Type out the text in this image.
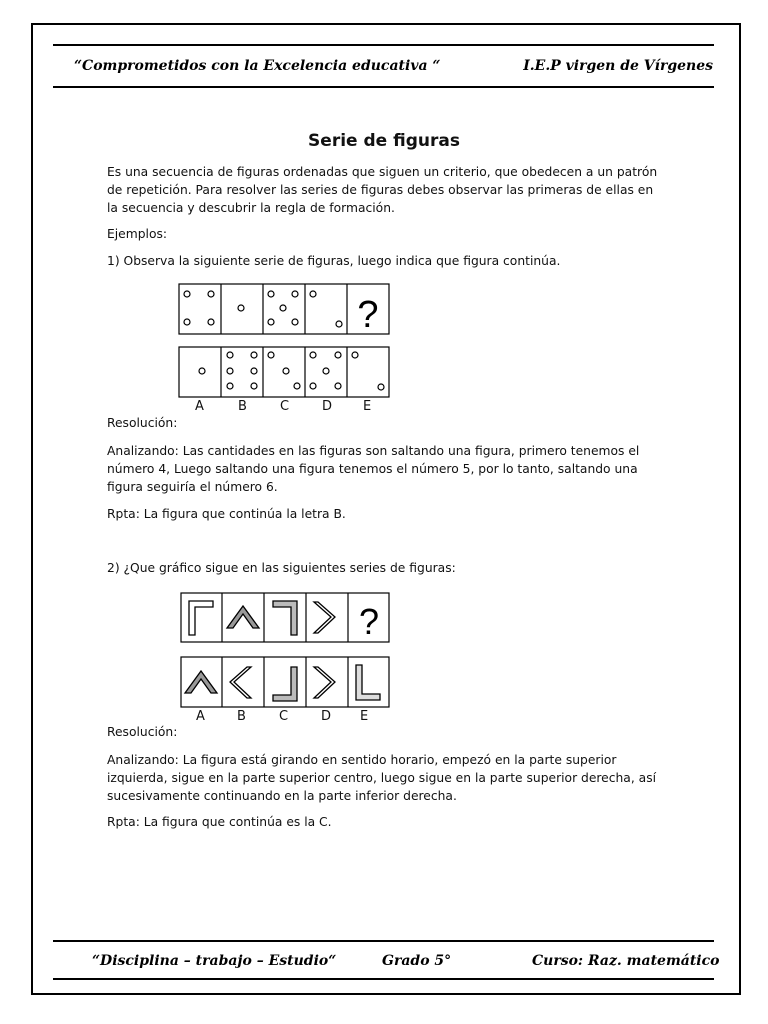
“Comprometidos con la Excelencia educativa “	I.E.P virgen de Vírgenes
Serie de figuras
Es una secuencia de figuras ordenadas que siguen un criterio, que obedecen a un patrón de repetición. Para resolver las series de figuras debes observar las primeras de ellas en la secuencia y descubrir la regla de formación.
Ejemplos:
1) Observa la siguiente serie de figuras, luego indica que figura continúa.
?
A	B	C	D E
Resolución:
Analizando: Las cantidades en las figuras son saltando una figura, primero tenemos el número 4, Luego saltando una figura tenemos el número 5, por lo tanto, saltando una figura seguiría el número 6.
Rpta: La figura que continúa la letra B.
2) ¿Que gráfico sigue en las siguientes series de figuras:
?
A B	C	D E
Resolución:
Analizando: La figura está girando en sentido horario, empezó en la parte superior izquierda, sigue en la parte superior centro, luego sigue en la parte superior derecha, así sucesivamente continuando en la parte inferior derecha.
Rpta: La figura que continúa es la C.
“Disciplina – trabajo – Estudio“	Grado 5°	Curso: Raz. matemático
